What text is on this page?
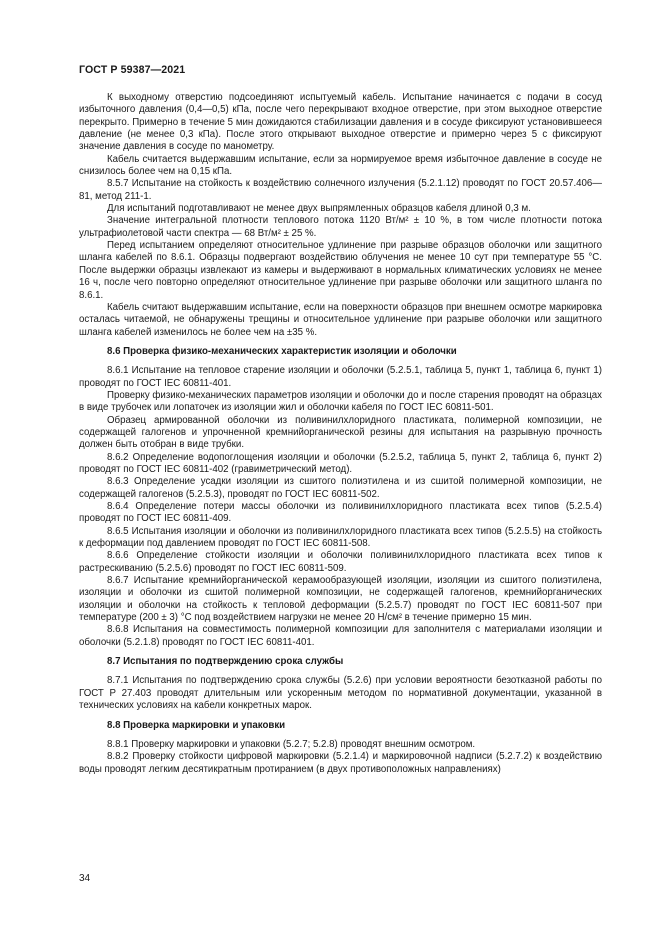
ГОСТ Р 59387—2021

К выходному отверстию подсоединяют испытуемый кабель. Испытание начинается с подачи в сосуд избыточного давления (0,4—0,5) кПа, после чего перекрывают входное отверстие, при этом выходное отверстие перекрыто. Примерно в течение 5 мин дожидаются стабилизации давления и в сосуде фиксируют установившееся давление (не менее 0,3 кПа). После этого открывают выходное отверстие и примерно через 5 с фиксируют значение давления в сосуде по манометру.

Кабель считается выдержавшим испытание, если за нормируемое время избыточное давление в сосуде не снизилось более чем на 0,15 кПа.

8.5.7 Испытание на стойкость к воздействию солнечного излучения (5.2.1.12) проводят по ГОСТ 20.57.406—81, метод 211-1.

Для испытаний подготавливают не менее двух выпрямленных образцов кабеля длиной 0,3 м.

Значение интегральной плотности теплового потока 1120 Вт/м² ± 10 %, в том числе плотности потока ультрафиолетовой части спектра — 68 Вт/м² ± 25 %.

Перед испытанием определяют относительное удлинение при разрыве образцов оболочки или защитного шланга кабелей по 8.6.1. Образцы подвергают воздействию облучения не менее 10 сут при температуре 55 °С. После выдержки образцы извлекают из камеры и выдерживают в нормальных климатических условиях не менее 16 ч, после чего повторно определяют относительное удлинение при разрыве оболочки или защитного шланга по 8.6.1.

Кабель считают выдержавшим испытание, если на поверхности образцов при внешнем осмотре маркировка осталась читаемой, не обнаружены трещины и относительное удлинение при разрыве оболочки или защитного шланга кабелей изменилось не более чем на ±35 %.

8.6 Проверка физико-механических характеристик изоляции и оболочки

8.6.1 Испытание на тепловое старение изоляции и оболочки (5.2.5.1, таблица 5, пункт 1, таблица 6, пункт 1) проводят по ГОСТ IEC 60811-401.

Проверку физико-механических параметров изоляции и оболочки до и после старения проводят на образцах в виде трубочек или лопаточек из изоляции жил и оболочки кабеля по ГОСТ IEC 60811-501.

Образец армированной оболочки из поливинилхлоридного пластиката, полимерной композиции, не содержащей галогенов и упрочненной кремнийорганической резины для испытания на разрывную прочность должен быть отобран в виде трубки.

8.6.2 Определение водопоглощения изоляции и оболочки (5.2.5.2, таблица 5, пункт 2, таблица 6, пункт 2) проводят по ГОСТ IEC 60811-402 (гравиметрический метод).

8.6.3 Определение усадки изоляции из сшитого полиэтилена и из сшитой полимерной композиции, не содержащей галогенов (5.2.5.3), проводят по ГОСТ IEC 60811-502.

8.6.4 Определение потери массы оболочки из поливинилхлоридного пластиката всех типов (5.2.5.4) проводят по ГОСТ IEC 60811-409.

8.6.5 Испытания изоляции и оболочки из поливинилхлоридного пластиката всех типов (5.2.5.5) на стойкость к деформации под давлением проводят по ГОСТ IEC 60811-508.

8.6.6 Определение стойкости изоляции и оболочки поливинилхлоридного пластиката всех типов к растрескиванию (5.2.5.6) проводят по ГОСТ IEC 60811-509.

8.6.7 Испытание кремнийорганической керамообразующей изоляции, изоляции из сшитого полиэтилена, изоляции и оболочки из сшитой полимерной композиции, не содержащей галогенов, кремнийорганических изоляции и оболочки на стойкость к тепловой деформации (5.2.5.7) проводят по ГОСТ IEC 60811-507 при температуре (200 ± 3) °С под воздействием нагрузки не менее 20 Н/см² в течение примерно 15 мин.

8.6.8 Испытания на совместимость полимерной композиции для заполнителя с материалами изоляции и оболочки (5.2.1.8) проводят по ГОСТ IEC 60811-401.

8.7 Испытания по подтверждению срока службы

8.7.1 Испытания по подтверждению срока службы (5.2.6) при условии вероятности безотказной работы по ГОСТ Р 27.403 проводят длительным или ускоренным методом по нормативной документации, указанной в технических условиях на кабели конкретных марок.

8.8 Проверка маркировки и упаковки

8.8.1 Проверку маркировки и упаковки (5.2.7; 5.2.8) проводят внешним осмотром.

8.8.2 Проверку стойкости цифровой маркировки (5.2.1.4) и маркировочной надписи (5.2.7.2) к воздействию воды проводят легким десятикратным протиранием (в двух противоположных направлениях)

34
